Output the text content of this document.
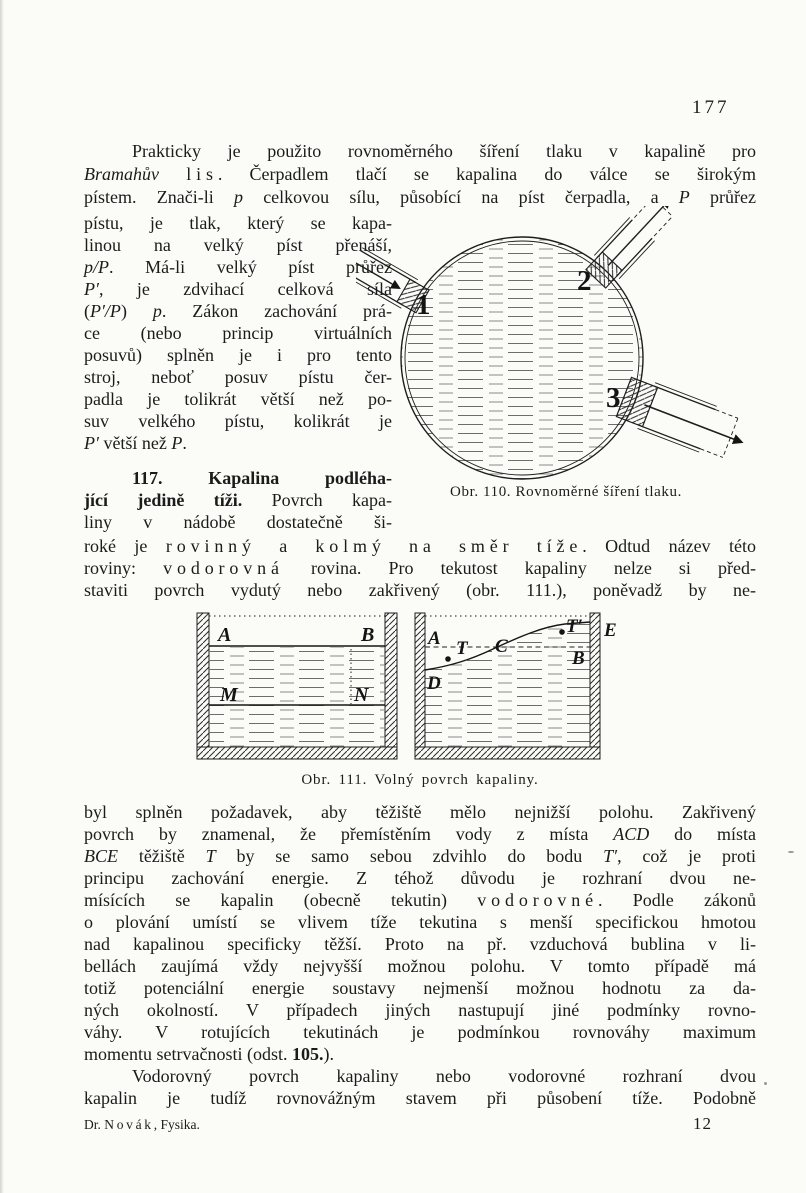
177
Prakticky je použito rovnoměrného šíření tlaku v kapalině pro
Bramahův lis. Čerpadlem tlačí se kapalina do válce se širokým
pístem. Znači-li p celkovou sílu, působící na píst čerpadla, a P průřez
pístu, je tlak, který se kapa-
linou na velký píst přenáší,
p/P. Má-li velký píst průřez
P′, je zdvihací celková síla
(P′/P) p. Zákon zachování prá-
ce (nebo princip virtuálních
posuvů) splněn je i pro tento
stroj, neboť posuv pístu čer-
padla je tolikrát větší než po-
suv velkého pístu, kolikrát je
P′ větší než P.
117. Kapalina podléha-
jící jedině tíži. Povrch kapa-
liny v nádobě dostatečně ši-
1
2
3
Obr. 110. Rovnoměrné šíření tlaku.
roké je rovinný a kolmý na směr tíže. Odtud název této
roviny: vodorovná rovina. Pro tekutost kapaliny nelze si před-
staviti povrch vydutý nebo zakřivený (obr. 111.), poněvadž by ne-
A	B
M	N
A T C
T′ E
B
D
Obr. 111. Volný povrch kapaliny.
byl splněn požadavek, aby těžiště mělo nejnižší polohu. Zakřivený
povrch by znamenal, že přemístěním vody z místa ACD do místa
BCE těžiště T by se samo sebou zdvihlo do bodu T′, což je proti
principu zachování energie. Z téhož důvodu je rozhraní dvou ne-
mísících se kapalin (obecně tekutin) vodorovné. Podle zákonů
o plování umístí se vlivem tíže tekutina s menší specifickou hmotou
nad kapalinou specificky těžší. Proto na př. vzduchová bublina v li-
bellách zaujímá vždy nejvyšší možnou polohu. V tomto případě má
totiž potenciální energie soustavy nejmenší možnou hodnotu za da-
ných okolností. V případech jiných nastupují jiné podmínky rovno-
váhy. V rotujících tekutinách je podmínkou rovnováhy maximum
momentu setrvačnosti (odst. 105.).
Vodorovný povrch kapaliny nebo vodorovné rozhraní dvou
kapalin je tudíž rovnovážným stavem při působení tíže. Podobně
Dr. Novák, Fysika.	12
